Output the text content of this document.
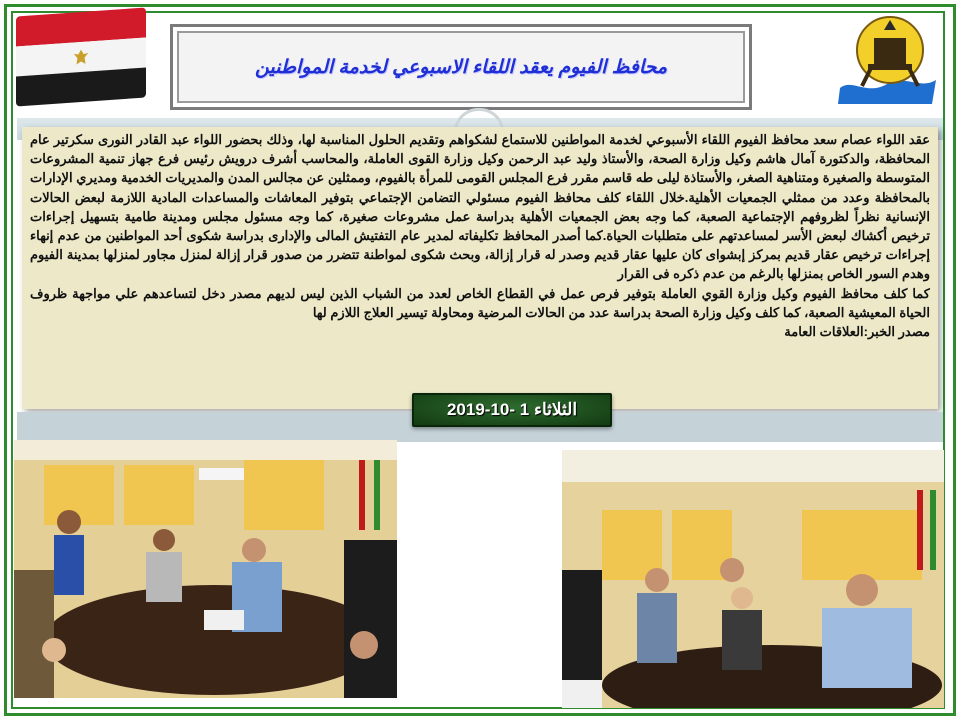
محافظ الفيوم يعقد اللقاء الاسبوعي لخدمة المواطنين

عقد اللواء عصام سعد محافظ الفيوم اللقاء الأسبوعي لخدمة المواطنين للاستماع لشكواهم وتقديم الحلول المناسبة لها، وذلك بحضور اللواء عبد القادر النورى سكرتير عام المحافظة، والدكتورة آمال هاشم وكيل وزارة الصحة، والأستاذ وليد عبد الرحمن وكيل وزارة القوى العاملة، والمحاسب أشرف درويش رئيس فرع جهاز تنمية المشروعات المتوسطة والصغيرة ومتناهية الصغر، والأستاذة ليلى طه قاسم مقرر فرع المجلس القومى للمرأة بالفيوم، وممثلين عن مجالس المدن والمديريات الخدمية ومديري الإدارات بالمحافظة وعدد من ممثلي الجمعيات الأهلية.خلال اللقاء كلف محافظ الفيوم مسئولي التضامن الإجتماعي بتوفير المعاشات والمساعدات المادية اللازمة لبعض الحالات الإنسانية نظراً لظروفهم الإجتماعية الصعبة، كما وجه بعض الجمعيات الأهلية بدراسة عمل مشروعات صغيرة، كما وجه مسئول مجلس ومدينة طامية بتسهيل إجراءات ترخيص أكشاك لبعض الأسر لمساعدتهم على متطلبات الحياة.كما أصدر المحافظ تكليفاته لمدير عام التفتيش المالى والإدارى بدراسة شكوى أحد المواطنين من عدم إنهاء إجراءات ترخيص عقار قديم بمركز إبشواى كان عليها عقار قديم وصدر له قرار إزالة، وبحث شكوى لمواطنة تتضرر من صدور قرار إزالة لمنزل مجاور لمنزلها بمدينة الفيوم وهدم السور الخاص بمنزلها بالرغم من عدم ذكره فى القرار

كما كلف محافظ الفيوم وكيل وزارة القوي العاملة بتوفير فرص عمل في القطاع الخاص لعدد من الشباب الذين ليس لديهم مصدر دخل لتساعدهم علي مواجهة ظروف الحياة المعيشية الصعبة، كما كلف وكيل وزارة الصحة بدراسة عدد من الحالات المرضية ومحاولة تيسير العلاج اللازم لها

مصدر الخبر:العلاقات العامة

الثلاثاء 1 -10-2019
